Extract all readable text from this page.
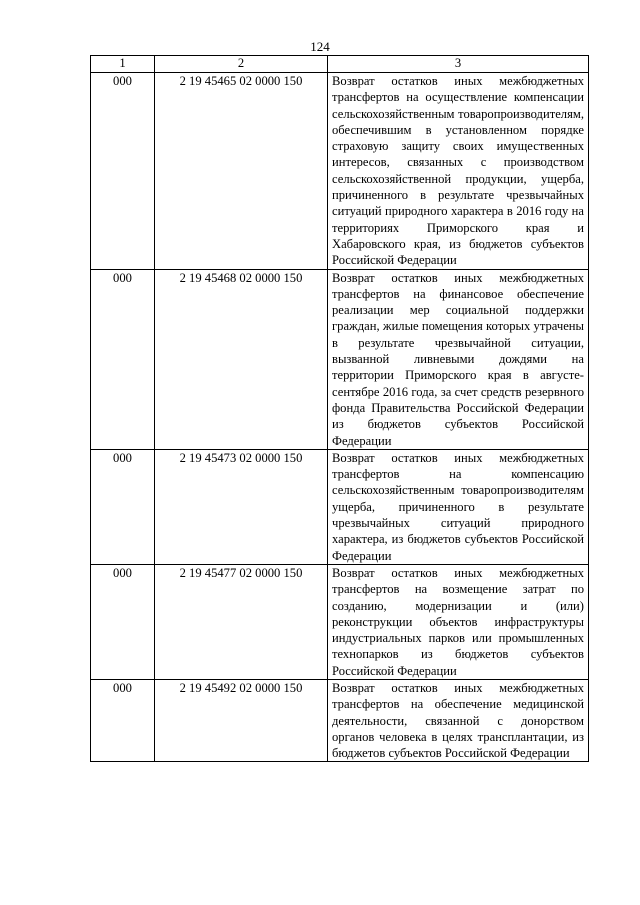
124
1	2	3
000	2 19 45465 02 0000 150	Возврат остатков иных межбюджетных трансфертов на осуществление компенсации сельскохозяйственным товаропроизводителям, обеспечившим в установленном порядке страховую защиту своих имущественных интересов, связанных с производством сельскохозяйственной продукции, ущерба, причиненного в результате чрезвычайных ситуаций природного характера в 2016 году на территориях Приморского края и Хабаровского края, из бюджетов субъектов Российской Федерации
000	2 19 45468 02 0000 150	Возврат остатков иных межбюджетных трансфертов на финансовое обеспечение реализации мер социальной поддержки граждан, жилые помещения которых утрачены в результате чрезвычайной ситуации, вызванной ливневыми дождями на территории Приморского края в августе-сентябре 2016 года, за счет средств резервного фонда Правительства Российской Федерации из бюджетов субъектов Российской Федерации
000	2 19 45473 02 0000 150	Возврат остатков иных межбюджетных трансфертов на компенсацию сельскохозяйственным товаропроизводителям ущерба, причиненного в результате чрезвычайных ситуаций природного характера, из бюджетов субъектов Российской Федерации
000	2 19 45477 02 0000 150	Возврат остатков иных межбюджетных трансфертов на возмещение затрат по созданию, модернизации и (или) реконструкции объектов инфраструктуры индустриальных парков или промышленных технопарков из бюджетов субъектов Российской Федерации
000	2 19 45492 02 0000 150	Возврат остатков иных межбюджетных трансфертов на обеспечение медицинской деятельности, связанной с донорством органов человека в целях трансплантации, из бюджетов субъектов Российской Федерации
